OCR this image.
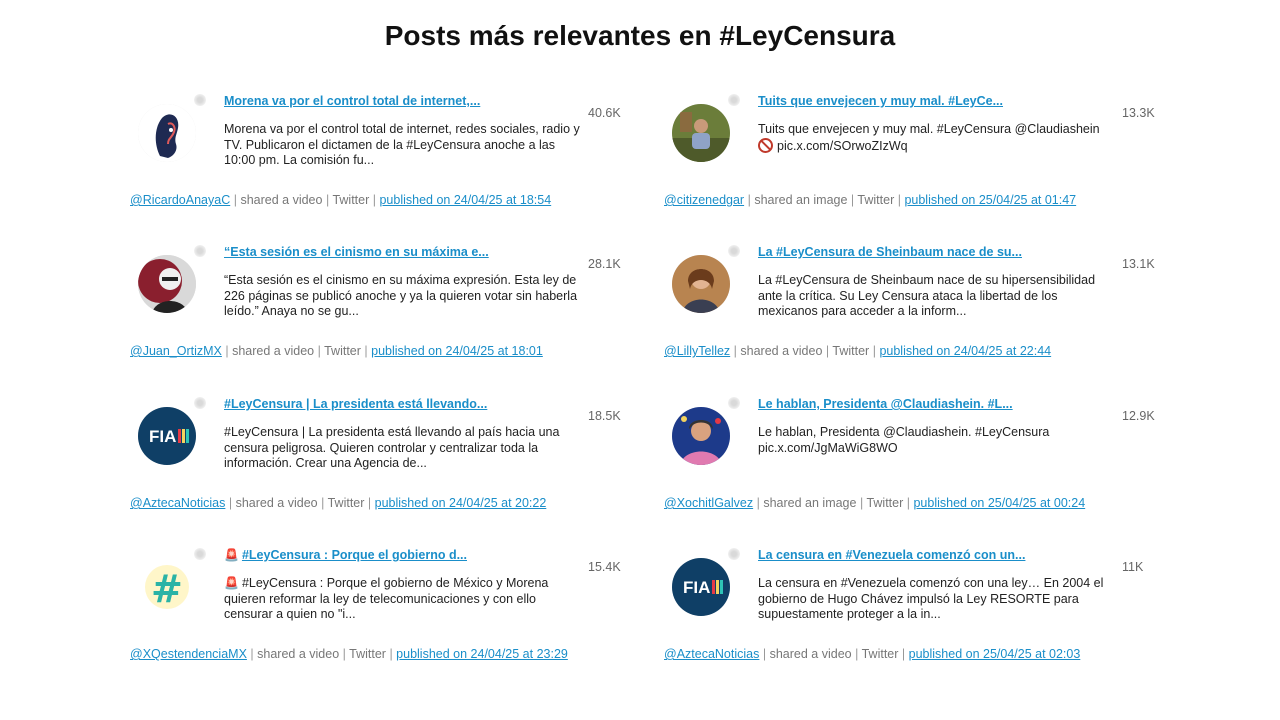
Posts más relevantes en #LeyCensura
Morena va por el control total de internet,...
Morena va por el control total de internet, redes sociales, radio y TV. Publicaron el dictamen de la #LeyCensura anoche a las 10:00 pm. La comisión fu...
40.6K
@RicardoAnayaC | shared a video | Twitter | published on 24/04/25 at 18:54
Tuits que envejecen y muy mal. #LeyCe...
Tuits que envejecen y muy mal. #LeyCensura @Claudiashein
pic.x.com/SOrwoZIzWq
13.3K
@citizenedgar | shared an image | Twitter | published on 25/04/25 at 01:47
“Esta sesión es el cinismo en su máxima e...
“Esta sesión es el cinismo en su máxima expresión. Esta ley de 226 páginas se publicó anoche y ya la quieren votar sin haberla leído.” Anaya no se gu...
28.1K
@Juan_OrtizMX | shared a video | Twitter | published on 24/04/25 at 18:01
La #LeyCensura de Sheinbaum nace de su...
La #LeyCensura de Sheinbaum nace de su hipersensibilidad ante la crítica. Su Ley Censura ataca la libertad de los mexicanos para acceder a la inform...
13.1K
@LillyTellez | shared a video | Twitter | published on 24/04/25 at 22:44
FIA
#LeyCensura | La presidenta está llevando...
#LeyCensura | La presidenta está llevando al país hacia una censura peligrosa. Quieren controlar y centralizar toda la información. Crear una Agencia de...
18.5K
@AztecaNoticias | shared a video | Twitter | published on 24/04/25 at 20:22
Le hablan, Presidenta @Claudiashein. #L...
Le hablan, Presidenta @Claudiashein. #LeyCensura pic.x.com/JgMaWiG8WO
12.9K
@XochitlGalvez | shared an image | Twitter | published on 25/04/25 at 00:24
#
🚨 #LeyCensura : Porque el gobierno d...
🚨 #LeyCensura : Porque el gobierno de México y Morena quieren reformar la ley de telecomunicaciones y con ello censurar a quien no "i...
15.4K
@XQestendenciaMX | shared a video | Twitter | published on 24/04/25 at 23:29
FIA
La censura en #Venezuela comenzó con un...
La censura en #Venezuela comenzó con una ley… En 2004 el gobierno de Hugo Chávez impulsó la Ley RESORTE para supuestamente proteger a la in...
11K
@AztecaNoticias | shared a video | Twitter | published on 25/04/25 at 02:03
